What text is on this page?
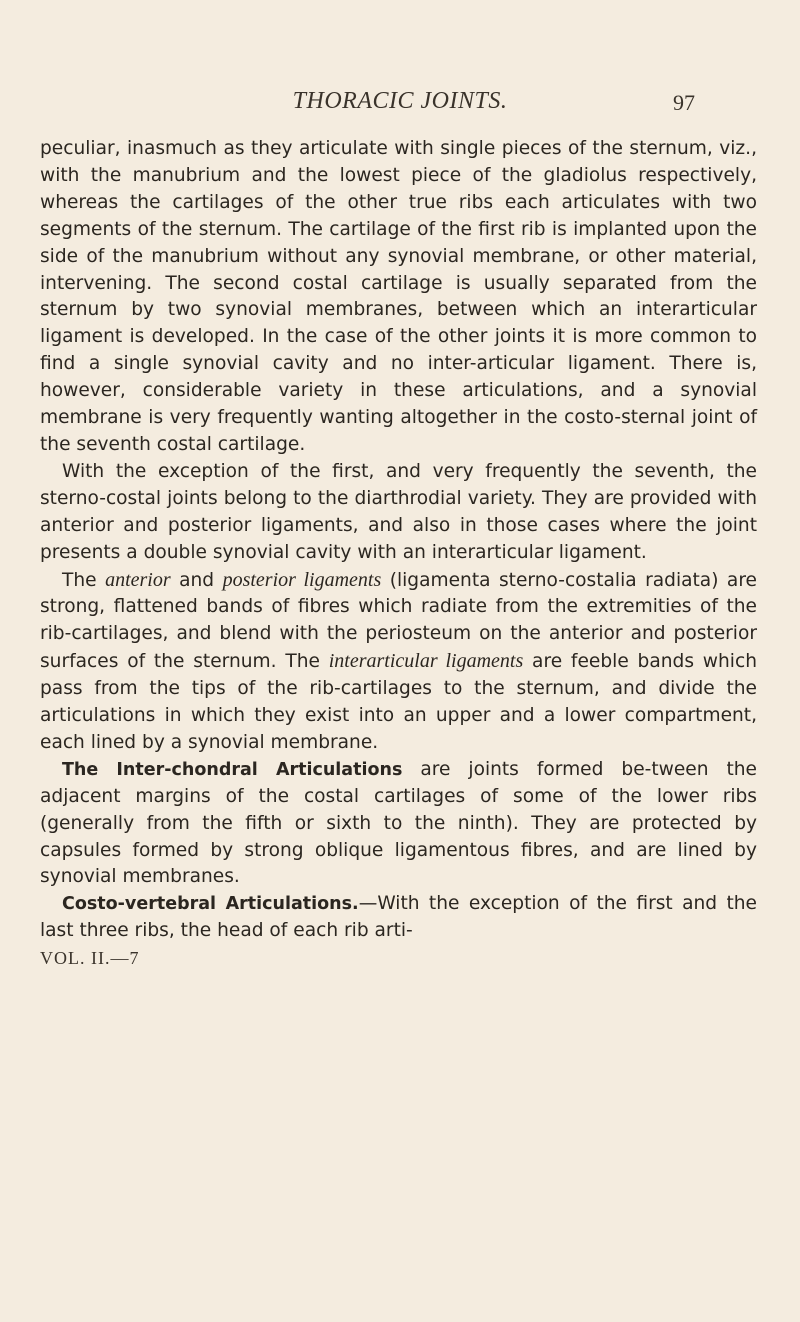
THORACIC JOINTS.	97

peculiar, inasmuch as they articulate with single pieces of the sternum, viz., with the manubrium and the lowest piece of the gladiolus respectively, whereas the cartilages of the other true ribs each articulates with two segments of the sternum. The cartilage of the first rib is implanted upon the side of the manubrium without any synovial membrane, or other material, intervening. The second costal cartilage is usually separated from the sternum by two synovial membranes, between which an interarticular ligament is developed. In the case of the other joints it is more common to find a single synovial cavity and no inter-articular ligament. There is, however, considerable variety in these articulations, and a synovial membrane is very frequently wanting altogether in the costo-sternal joint of the seventh costal cartilage.

With the exception of the first, and very frequently the seventh, the sterno-costal joints belong to the diarthrodial variety. They are provided with anterior and posterior ligaments, and also in those cases where the joint presents a double synovial cavity with an interarticular ligament.

The anterior and posterior ligaments (ligamenta sterno-costalia radiata) are strong, flattened bands of fibres which radiate from the extremities of the rib-cartilages, and blend with the periosteum on the anterior and posterior surfaces of the sternum. The interarticular ligaments are feeble bands which pass from the tips of the rib-cartilages to the sternum, and divide the articulations in which they exist into an upper and a lower compartment, each lined by a synovial membrane.

The Inter-chondral Articulations are joints formed be-tween the adjacent margins of the costal cartilages of some of the lower ribs (generally from the fifth or sixth to the ninth). They are protected by capsules formed by strong oblique ligamentous fibres, and are lined by synovial membranes.

Costo-vertebral Articulations.—With the exception of the first and the last three ribs, the head of each rib arti-

VOL. II.—7
